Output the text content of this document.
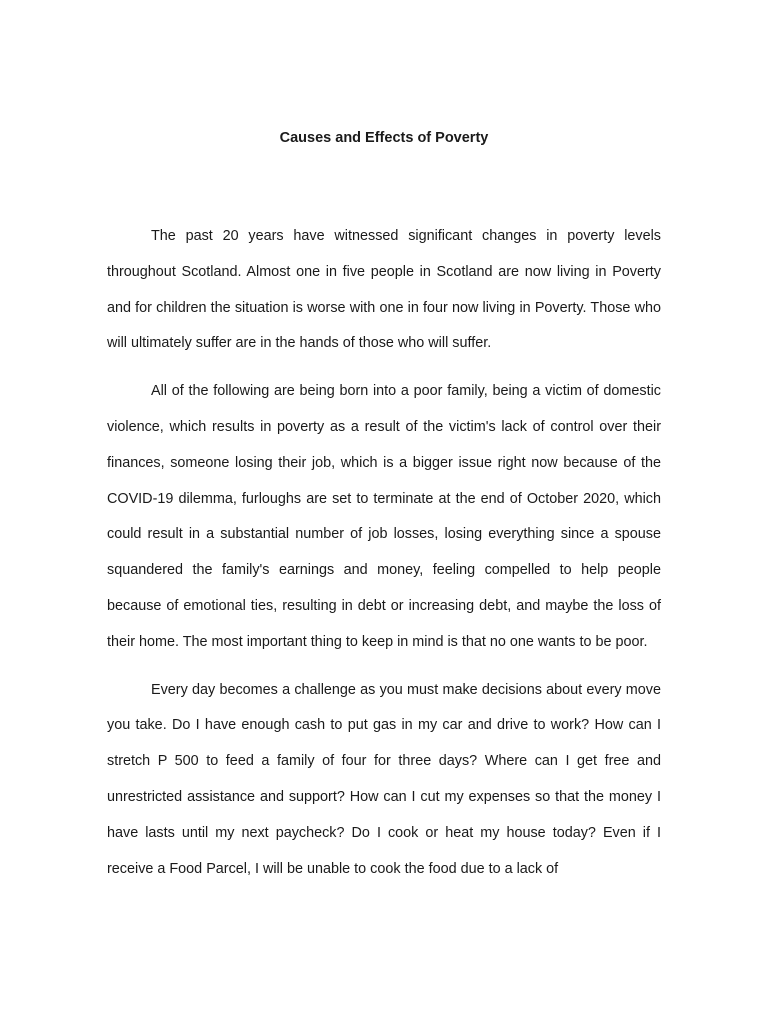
Causes and Effects of Poverty

The past 20 years have witnessed significant changes in poverty levels throughout Scotland. Almost one in five people in Scotland are now living in Poverty and for children the situation is worse with one in four now living in Poverty. Those who will ultimately suffer are in the hands of those who will suffer.

All of the following are being born into a poor family, being a victim of domestic violence, which results in poverty as a result of the victim's lack of control over their finances, someone losing their job, which is a bigger issue right now because of the COVID-19 dilemma, furloughs are set to terminate at the end of October 2020, which could result in a substantial number of job losses, losing everything since a spouse squandered the family's earnings and money, feeling compelled to help people because of emotional ties, resulting in debt or increasing debt, and maybe the loss of their home. The most important thing to keep in mind is that no one wants to be poor.

Every day becomes a challenge as you must make decisions about every move you take. Do I have enough cash to put gas in my car and drive to work? How can I stretch P 500 to feed a family of four for three days? Where can I get free and unrestricted assistance and support? How can I cut my expenses so that the money I have lasts until my next paycheck? Do I cook or heat my house today? Even if I receive a Food Parcel, I will be unable to cook the food due to a lack of
